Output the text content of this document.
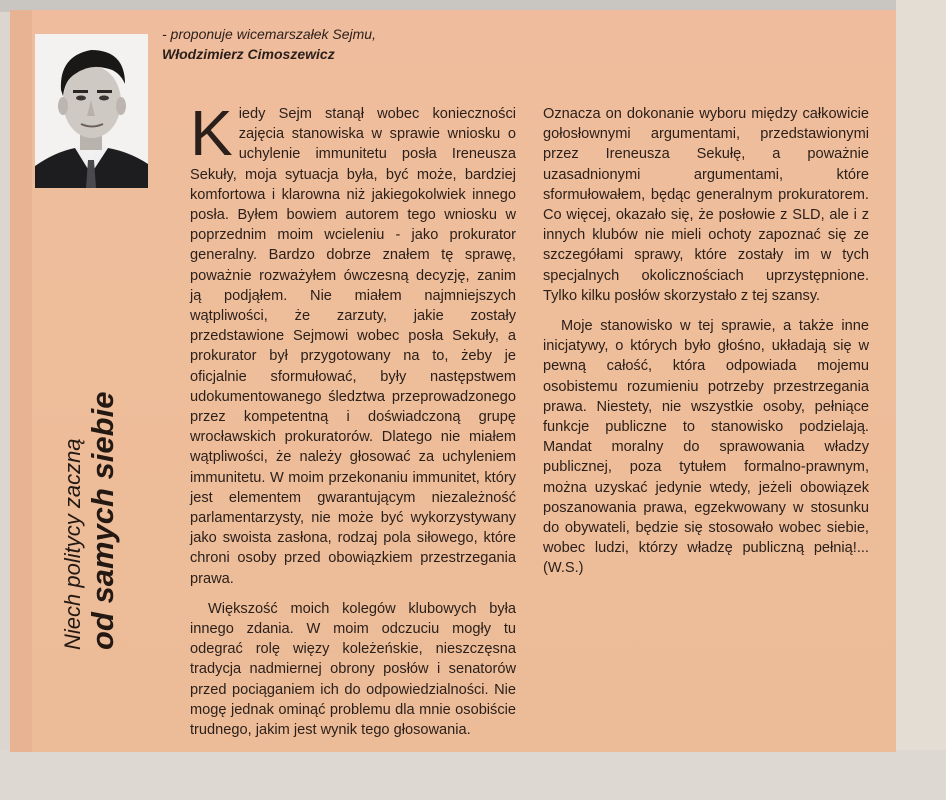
- proponuje wicemarszałek Sejmu,
Włodzimierz Cimoszewicz
Niech politycy zaczną od samych siebie

Kiedy Sejm stanął wobec konieczności zajęcia stanowiska w sprawie wniosku o uchylenie immunitetu posła Ireneusza Sekuły, moja sytuacja była, być może, bardziej komfortowa i klarowna niż jakiegokolwiek innego posła. Byłem bowiem autorem tego wniosku w poprzednim moim wcieleniu - jako prokurator generalny. Bardzo dobrze znałem tę sprawę, poważnie rozważyłem ówczesną decyzję, zanim ją podjąłem. Nie miałem najmniejszych wątpliwości, że zarzuty, jakie zostały przedstawione Sejmowi wobec posła Sekuły, a prokurator był przygotowany na to, żeby je oficjalnie sformułować, były następstwem udokumentowanego śledztwa przeprowadzonego przez kompetentną i doświadczoną grupę wrocławskich prokuratorów. Dlatego nie miałem wątpliwości, że należy głosować za uchyleniem immunitetu. W moim przekonaniu immunitet, który jest elementem gwarantującym niezależność parlamentarzysty, nie może być wykorzystywany jako swoista zasłona, rodzaj pola siłowego, które chroni osoby przed obowiązkiem przestrzegania prawa.

Większość moich kolegów klubowych była innego zdania. W moim odczuciu mogły tu odegrać rolę więzy koleżeńskie, nieszczęsna tradycja nadmiernej obrony posłów i senatorów przed pociąganiem ich do odpowiedzialności. Nie mogę jednak ominąć problemu dla mnie osobiście trudnego, jakim jest wynik tego głosowania.

Oznacza on dokonanie wyboru między całkowicie gołosłownymi argumentami, przedstawionymi przez Ireneusza Sekułę, a poważnie uzasadnionymi argumentami, które sformułowałem, będąc generalnym prokuratorem. Co więcej, okazało się, że posłowie z SLD, ale i z innych klubów nie mieli ochoty zapoznać się ze szczegółami sprawy, które zostały im w tych specjalnych okolicznościach uprzystępnione. Tylko kilku posłów skorzystało z tej szansy.

Moje stanowisko w tej sprawie, a także inne inicjatywy, o których było głośno, układają się w pewną całość, która odpowiada mojemu osobistemu rozumieniu potrzeby przestrzegania prawa. Niestety, nie wszystkie osoby, pełniące funkcje publiczne to stanowisko podzielają. Mandat moralny do sprawowania władzy publicznej, poza tytułem formalno-prawnym, można uzyskać jedynie wtedy, jeżeli obowiązek poszanowania prawa, egzekwowany w stosunku do obywateli, będzie się stosowało wobec siebie, wobec ludzi, którzy władzę publiczną pełnią!... (W.S.)
